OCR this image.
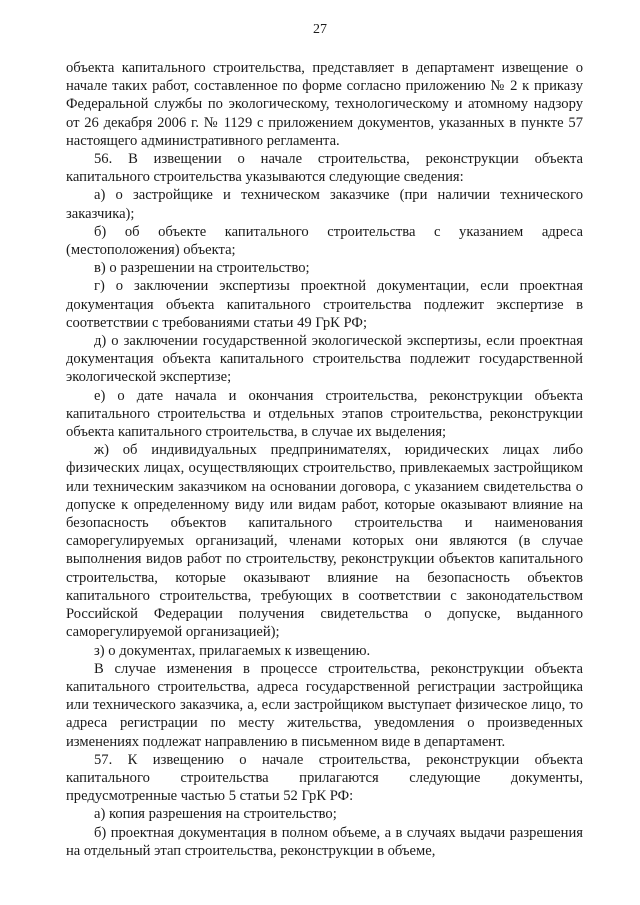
27

объекта капитального строительства, представляет в департамент извещение о начале таких работ, составленное по форме согласно приложению № 2 к приказу Федеральной службы по экологическому, технологическому и атомному надзору от 26 декабря 2006 г. № 1129 с приложением документов, указанных в пункте 57 настоящего административного регламента.

56. В извещении о начале строительства, реконструкции объекта капитального строительства указываются следующие сведения:

а) о застройщике и техническом заказчике (при наличии технического заказчика);

б) об объекте капитального строительства с указанием адреса (местоположения) объекта;

в) о разрешении на строительство;

г) о заключении экспертизы проектной документации, если проектная документация объекта капитального строительства подлежит экспертизе в соответствии с требованиями статьи 49 ГрК РФ;

д) о заключении государственной экологической экспертизы, если проектная документация объекта капитального строительства подлежит государственной экологической экспертизе;

е) о дате начала и окончания строительства, реконструкции объекта капитального строительства и отдельных этапов строительства, реконструкции объекта капитального строительства, в случае их выделения;

ж) об индивидуальных предпринимателях, юридических лицах либо физических лицах, осуществляющих строительство, привлекаемых застройщиком или техническим заказчиком на основании договора, с указанием свидетельства о допуске к определенному виду или видам работ, которые оказывают влияние на безопасность объектов капитального строительства и наименования саморегулируемых организаций, членами которых они являются (в случае выполнения видов работ по строительству, реконструкции объектов капитального строительства, которые оказывают влияние на безопасность объектов капитального строительства, требующих в соответствии с законодательством Российской Федерации получения свидетельства о допуске, выданного саморегулируемой организацией);

з) о документах, прилагаемых к извещению.

В случае изменения в процессе строительства, реконструкции объекта капитального строительства, адреса государственной регистрации застройщика или технического заказчика, а, если застройщиком выступает физическое лицо, то адреса регистрации по месту жительства, уведомления о произведенных изменениях подлежат направлению в письменном виде в департамент.

57. К извещению о начале строительства, реконструкции объекта капитального строительства прилагаются следующие документы, предусмотренные частью 5 статьи 52 ГрК РФ:

а) копия разрешения на строительство;

б) проектная документация в полном объеме, а в случаях выдачи разрешения на отдельный этап строительства, реконструкции в объеме,
